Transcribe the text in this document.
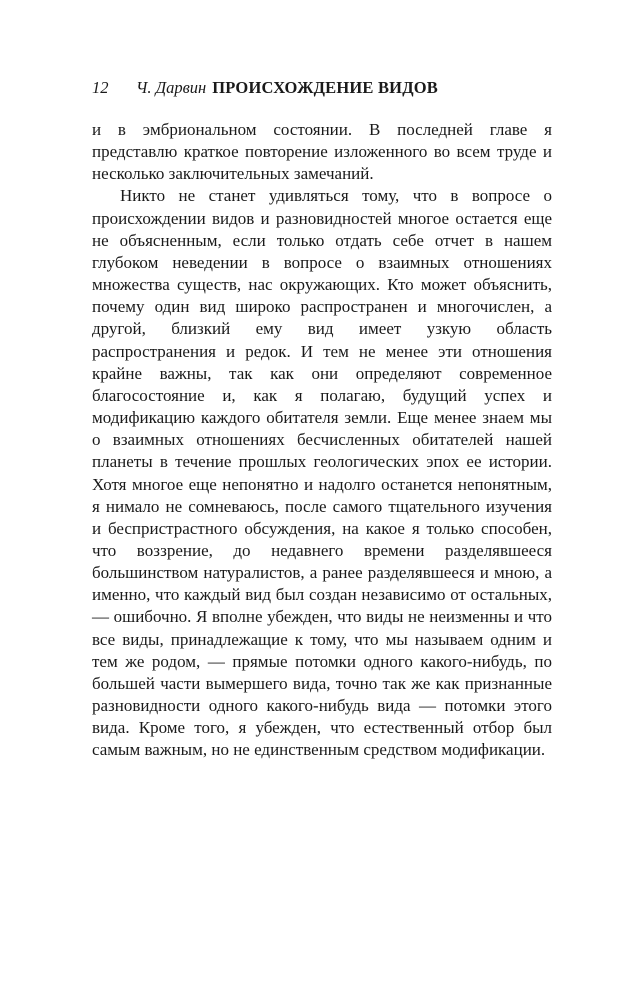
12 Ч. Дарвин ПРОИСХОЖДЕНИЕ ВИДОВ

и в эмбриональном состоянии. В последней главе я представлю краткое повторение изложенного во всем труде и несколько заключительных замечаний.

Никто не станет удивляться тому, что в вопросе о происхождении видов и разновидностей многое остается еще не объясненным, если только отдать себе отчет в нашем глубоком неведении в вопросе о взаимных отношениях множества существ, нас окружающих. Кто может объяснить, почему один вид широко распространен и многочислен, а другой, близкий ему вид имеет узкую область распространения и редок. И тем не менее эти отношения крайне важны, так как они определяют современное благосостояние и, как я полагаю, будущий успех и модификацию каждого обитателя земли. Еще менее знаем мы о взаимных отношениях бесчисленных обитателей нашей планеты в течение прошлых геологических эпох ее истории. Хотя многое еще непонятно и надолго останется непонятным, я нимало не сомневаюсь, после самого тщательного изучения и беспристрастного обсуждения, на какое я только способен, что воззрение, до недавнего времени разделявшееся большинством натуралистов, а ранее разделявшееся и мною, а именно, что каждый вид был создан независимо от остальных, — ошибочно. Я вполне убежден, что виды не неизменны и что все виды, принадлежащие к тому, что мы называем одним и тем же родом, — прямые потомки одного какого-нибудь, по большей части вымершего вида, точно так же как признанные разновидности одного какого-нибудь вида — потомки этого вида. Кроме того, я убежден, что естественный отбор был самым важным, но не единственным средством модификации.
